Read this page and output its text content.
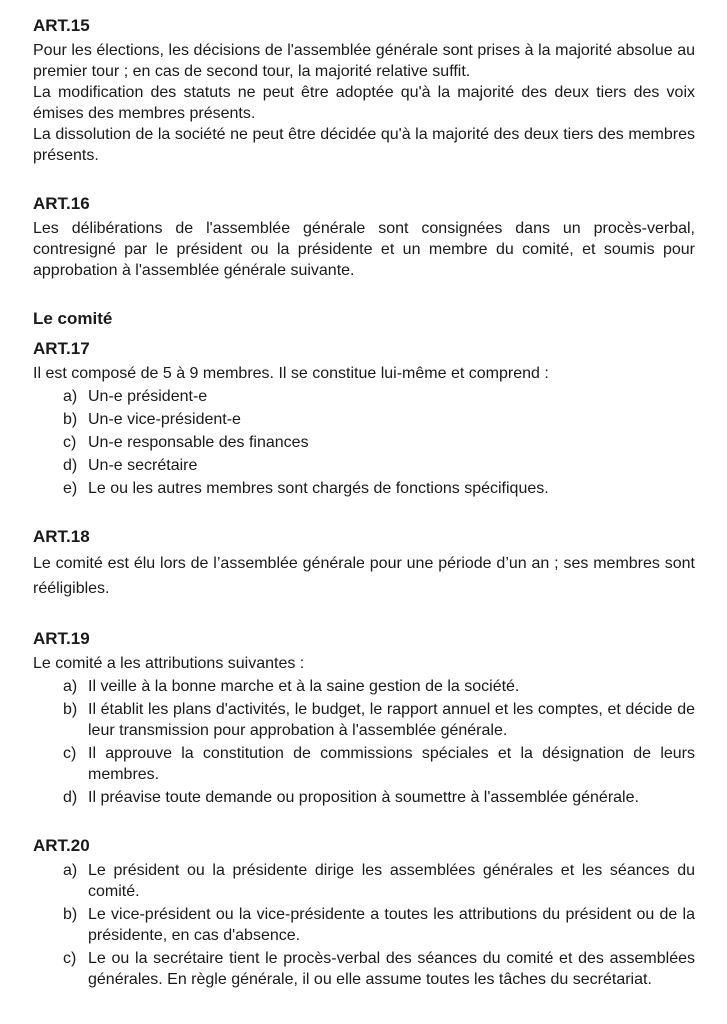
ART.15

Pour les élections, les décisions de l'assemblée générale sont prises à la majorité absolue au premier tour ; en cas de second tour, la majorité relative suffit.

La modification des statuts ne peut être adoptée qu'à la majorité des deux tiers des voix émises des membres présents.

La dissolution de la société ne peut être décidée qu'à la majorité des deux tiers des membres présents.

ART.16

Les délibérations de l'assemblée générale sont consignées dans un procès-verbal, contresigné par le président ou la présidente et un membre du comité, et soumis pour approbation à l'assemblée générale suivante.

Le comité
ART.17

Il est composé de 5 à 9 membres. Il se constitue lui-même et comprend :

a) Un-e président-e
b) Un-e vice-président-e
c) Un-e responsable des finances
d) Un-e secrétaire
e) Le ou les autres membres sont chargés de fonctions spécifiques.
ART.18

Le comité est élu lors de l’assemblée générale pour une période d’un an ; ses membres sont rééligibles.

ART.19

Le comité a les attributions suivantes :

a) Il veille à la bonne marche et à la saine gestion de la société.
b) Il établit les plans d'activités, le budget, le rapport annuel et les comptes, et décide de leur transmission pour approbation à l'assemblée générale.
c) Il approuve la constitution de commissions spéciales et la désignation de leurs membres.
d) Il préavise toute demande ou proposition à soumettre à l'assemblée générale.
ART.20
a) Le président ou la présidente dirige les assemblées générales et les séances du comité.
b) Le vice-président ou la vice-présidente a toutes les attributions du président ou de la présidente, en cas d'absence.
c) Le ou la secrétaire tient le procès-verbal des séances du comité et des assemblées générales. En règle générale, il ou elle assume toutes les tâches du secrétariat.
